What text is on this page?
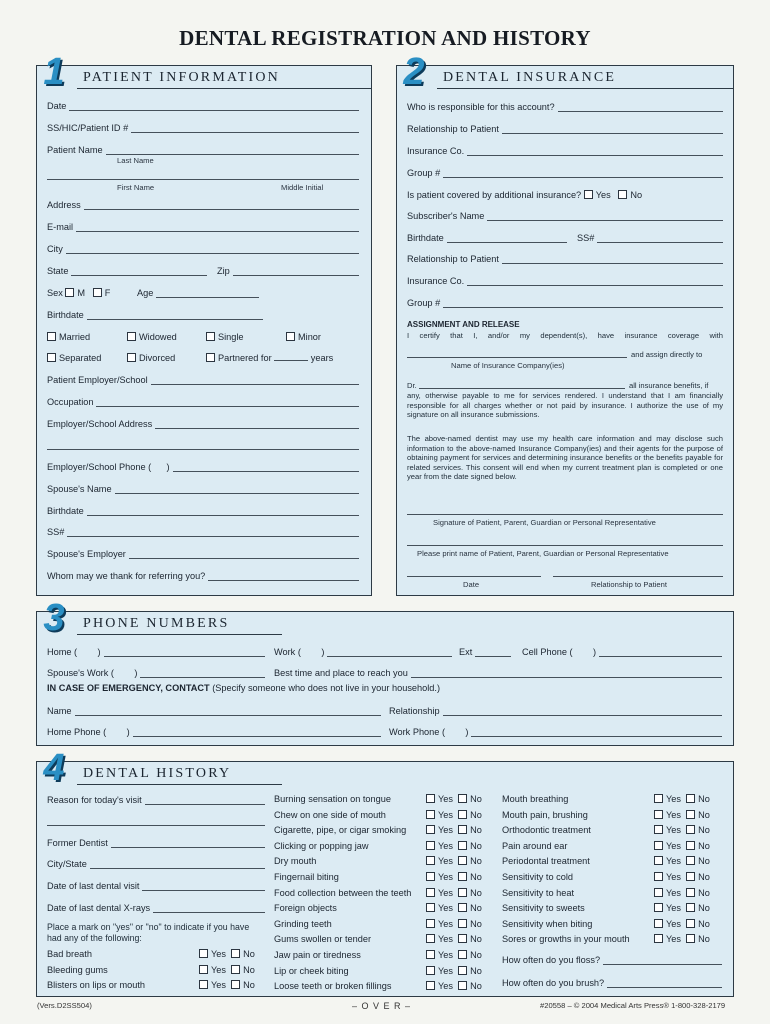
DENTAL REGISTRATION AND HISTORY
1	PATIENT INFORMATION
Date
SS/HIC/Patient ID #
Patient Name
Last Name
First Name	Middle Initial
Address
E-mail
City
State	Zip
Sex M F	Age
Birthdate
Married	Widowed	Single	Minor
Separated	Divorced	Partnered for	years
Patient Employer/School
Occupation
Employer/School Address
Employer/School Phone ( )
Spouse's Name
Birthdate
SS#
Spouse's Employer
Whom may we thank for referring you?
2	DENTAL INSURANCE
Who is responsible for this account?
Relationship to Patient
Insurance Co.
Group #
Is patient covered by additional insurance? Yes No
Subscriber's Name
Birthdate	SS#
Relationship to Patient
Insurance Co.
Group #
ASSIGNMENT AND RELEASE
I certify that I, and/or my dependent(s), have insurance coverage with
and assign directly to
Name of Insurance Company(ies)
Dr.	all insurance benefits, if
any, otherwise payable to me for services rendered. I understand that I am financially responsible for all charges whether or not paid by insurance. I authorize the use of my signature on all insurance submissions.
The above-named dentist may use my health care information and may disclose such information to the above-named Insurance Company(ies) and their agents for the purpose of obtaining payment for services and determining insurance benefits or the benefits payable for related services. This consent will end when my current treatment plan is completed or one year from the date signed below.
Signature of Patient, Parent, Guardian or Personal Representative
Please print name of Patient, Parent, Guardian or Personal Representative
Date	Relationship to Patient
3	PHONE NUMBERS
Home ( )	Work ( )	Ext	Cell Phone ( )
Spouse's Work ( )	Best time and place to reach you
IN CASE OF EMERGENCY, CONTACT (Specify someone who does not live in your household.)
Name	Relationship
Home Phone ( )	Work Phone ( )
4	DENTAL HISTORY
Reason for today's visit
Former Dentist
City/State
Date of last dental visit
Date of last dental X-rays
Place a mark on "yes" or "no" to indicate if you have had any of the following:
How often do you floss?
How often do you brush?
Bad breath	Yes No
Bleeding gums	Yes No
Blisters on lips or mouth	Yes No
Burning sensation on tongue	Yes No
Chew on one side of mouth	Yes No
Cigarette, pipe, or cigar smoking	Yes No
Clicking or popping jaw	Yes No
Dry mouth	Yes No
Fingernail biting	Yes No
Food collection between the teeth	Yes No
Foreign objects	Yes No
Grinding teeth	Yes No
Gums swollen or tender	Yes No
Jaw pain or tiredness	Yes No
Lip or cheek biting	Yes No
Loose teeth or broken fillings	Yes No
Mouth breathing	Yes No
Mouth pain, brushing	Yes No
Orthodontic treatment	Yes No
Pain around ear	Yes No
Periodontal treatment	Yes No
Sensitivity to cold	Yes No
Sensitivity to heat	Yes No
Sensitivity to sweets	Yes No
Sensitivity when biting	Yes No
Sores or growths in your mouth	Yes No
(Vers.D2SS504)	– O V E R –	#20558 – © 2004 Medical Arts Press® 1-800-328-2179
